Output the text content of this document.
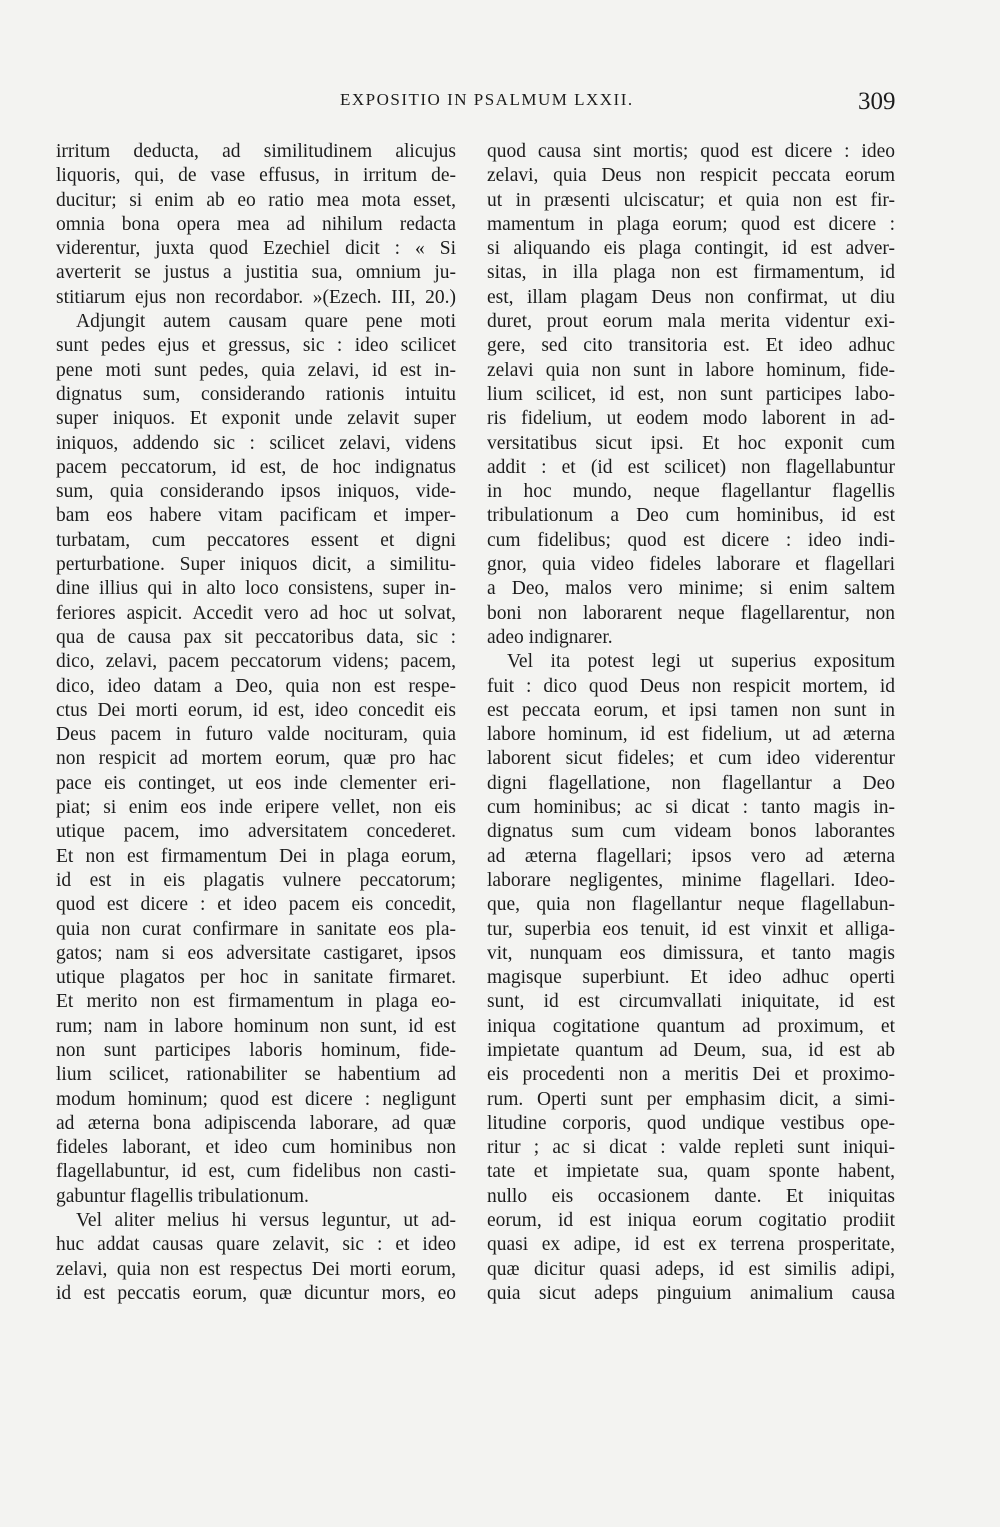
EXPOSITIO IN PSALMUM LXXII.	309
irritum deducta, ad similitudinem alicujus
liquoris, qui, de vase effusus, in irritum de-
ducitur; si enim ab eo ratio mea mota esset,
omnia bona opera mea ad nihilum redacta
viderentur, juxta quod Ezechiel dicit : « Si
averterit se justus a justitia sua, omnium ju-
stitiarum ejus non recordabor. »(Ezech. III, 20.)
Adjungit autem causam quare pene moti
sunt pedes ejus et gressus, sic : ideo scilicet
pene moti sunt pedes, quia zelavi, id est in-
dignatus sum, considerando rationis intuitu
super iniquos. Et exponit unde zelavit super
iniquos, addendo sic : scilicet zelavi, videns
pacem peccatorum, id est, de hoc indignatus
sum, quia considerando ipsos iniquos, vide-
bam eos habere vitam pacificam et imper-
turbatam, cum peccatores essent et digni
perturbatione. Super iniquos dicit, a similitu-
dine illius qui in alto loco consistens, super in-
feriores aspicit. Accedit vero ad hoc ut solvat,
qua de causa pax sit peccatoribus data, sic :
dico, zelavi, pacem peccatorum videns; pacem,
dico, ideo datam a Deo, quia non est respe-
ctus Dei morti eorum, id est, ideo concedit eis
Deus pacem in futuro valde nocituram, quia
non respicit ad mortem eorum, quæ pro hac
pace eis continget, ut eos inde clementer eri-
piat; si enim eos inde eripere vellet, non eis
utique pacem, imo adversitatem concederet.
Et non est firmamentum Dei in plaga eorum,
id est in eis plagatis vulnere peccatorum;
quod est dicere : et ideo pacem eis concedit,
quia non curat confirmare in sanitate eos pla-
gatos; nam si eos adversitate castigaret, ipsos
utique plagatos per hoc in sanitate firmaret.
Et merito non est firmamentum in plaga eo-
rum; nam in labore hominum non sunt, id est
non sunt participes laboris hominum, fide-
lium scilicet, rationabiliter se habentium ad
modum hominum; quod est dicere : negligunt
ad æterna bona adipiscenda laborare, ad quæ
fideles laborant, et ideo cum hominibus non
flagellabuntur, id est, cum fidelibus non casti-
gabuntur flagellis tribulationum.
Vel aliter melius hi versus leguntur, ut ad-
huc addat causas quare zelavit, sic : et ideo
zelavi, quia non est respectus Dei morti eorum,
id est peccatis eorum, quæ dicuntur mors, eo
quod causa sint mortis; quod est dicere : ideo
zelavi, quia Deus non respicit peccata eorum
ut in præsenti ulciscatur; et quia non est fir-
mamentum in plaga eorum; quod est dicere :
si aliquando eis plaga contingit, id est adver-
sitas, in illa plaga non est firmamentum, id
est, illam plagam Deus non confirmat, ut diu
duret, prout eorum mala merita videntur exi-
gere, sed cito transitoria est. Et ideo adhuc
zelavi quia non sunt in labore hominum, fide-
lium scilicet, id est, non sunt participes labo-
ris fidelium, ut eodem modo laborent in ad-
versitatibus sicut ipsi. Et hoc exponit cum
addit : et (id est scilicet) non flagellabuntur
in hoc mundo, neque flagellantur flagellis
tribulationum a Deo cum hominibus, id est
cum fidelibus; quod est dicere : ideo indi-
gnor, quia video fideles laborare et flagellari
a Deo, malos vero minime; si enim saltem
boni non laborarent neque flagellarentur, non
adeo indignarer.
Vel ita potest legi ut superius expositum
fuit : dico quod Deus non respicit mortem, id
est peccata eorum, et ipsi tamen non sunt in
labore hominum, id est fidelium, ut ad æterna
laborent sicut fideles; et cum ideo viderentur
digni flagellatione, non flagellantur a Deo
cum hominibus; ac si dicat : tanto magis in-
dignatus sum cum videam bonos laborantes
ad æterna flagellari; ipsos vero ad æterna
laborare negligentes, minime flagellari. Ideo-
que, quia non flagellantur neque flagellabun-
tur, superbia eos tenuit, id est vinxit et alliga-
vit, nunquam eos dimissura, et tanto magis
magisque superbiunt. Et ideo adhuc operti
sunt, id est circumvallati iniquitate, id est
iniqua cogitatione quantum ad proximum, et
impietate quantum ad Deum, sua, id est ab
eis procedenti non a meritis Dei et proximo-
rum. Operti sunt per emphasim dicit, a simi-
litudine corporis, quod undique vestibus ope-
ritur ; ac si dicat : valde repleti sunt iniqui-
tate et impietate sua, quam sponte habent,
nullo eis occasionem dante. Et iniquitas
eorum, id est iniqua eorum cogitatio prodiit
quasi ex adipe, id est ex terrena prosperitate,
quæ dicitur quasi adeps, id est similis adipi,
quia sicut adeps pinguium animalium causa
